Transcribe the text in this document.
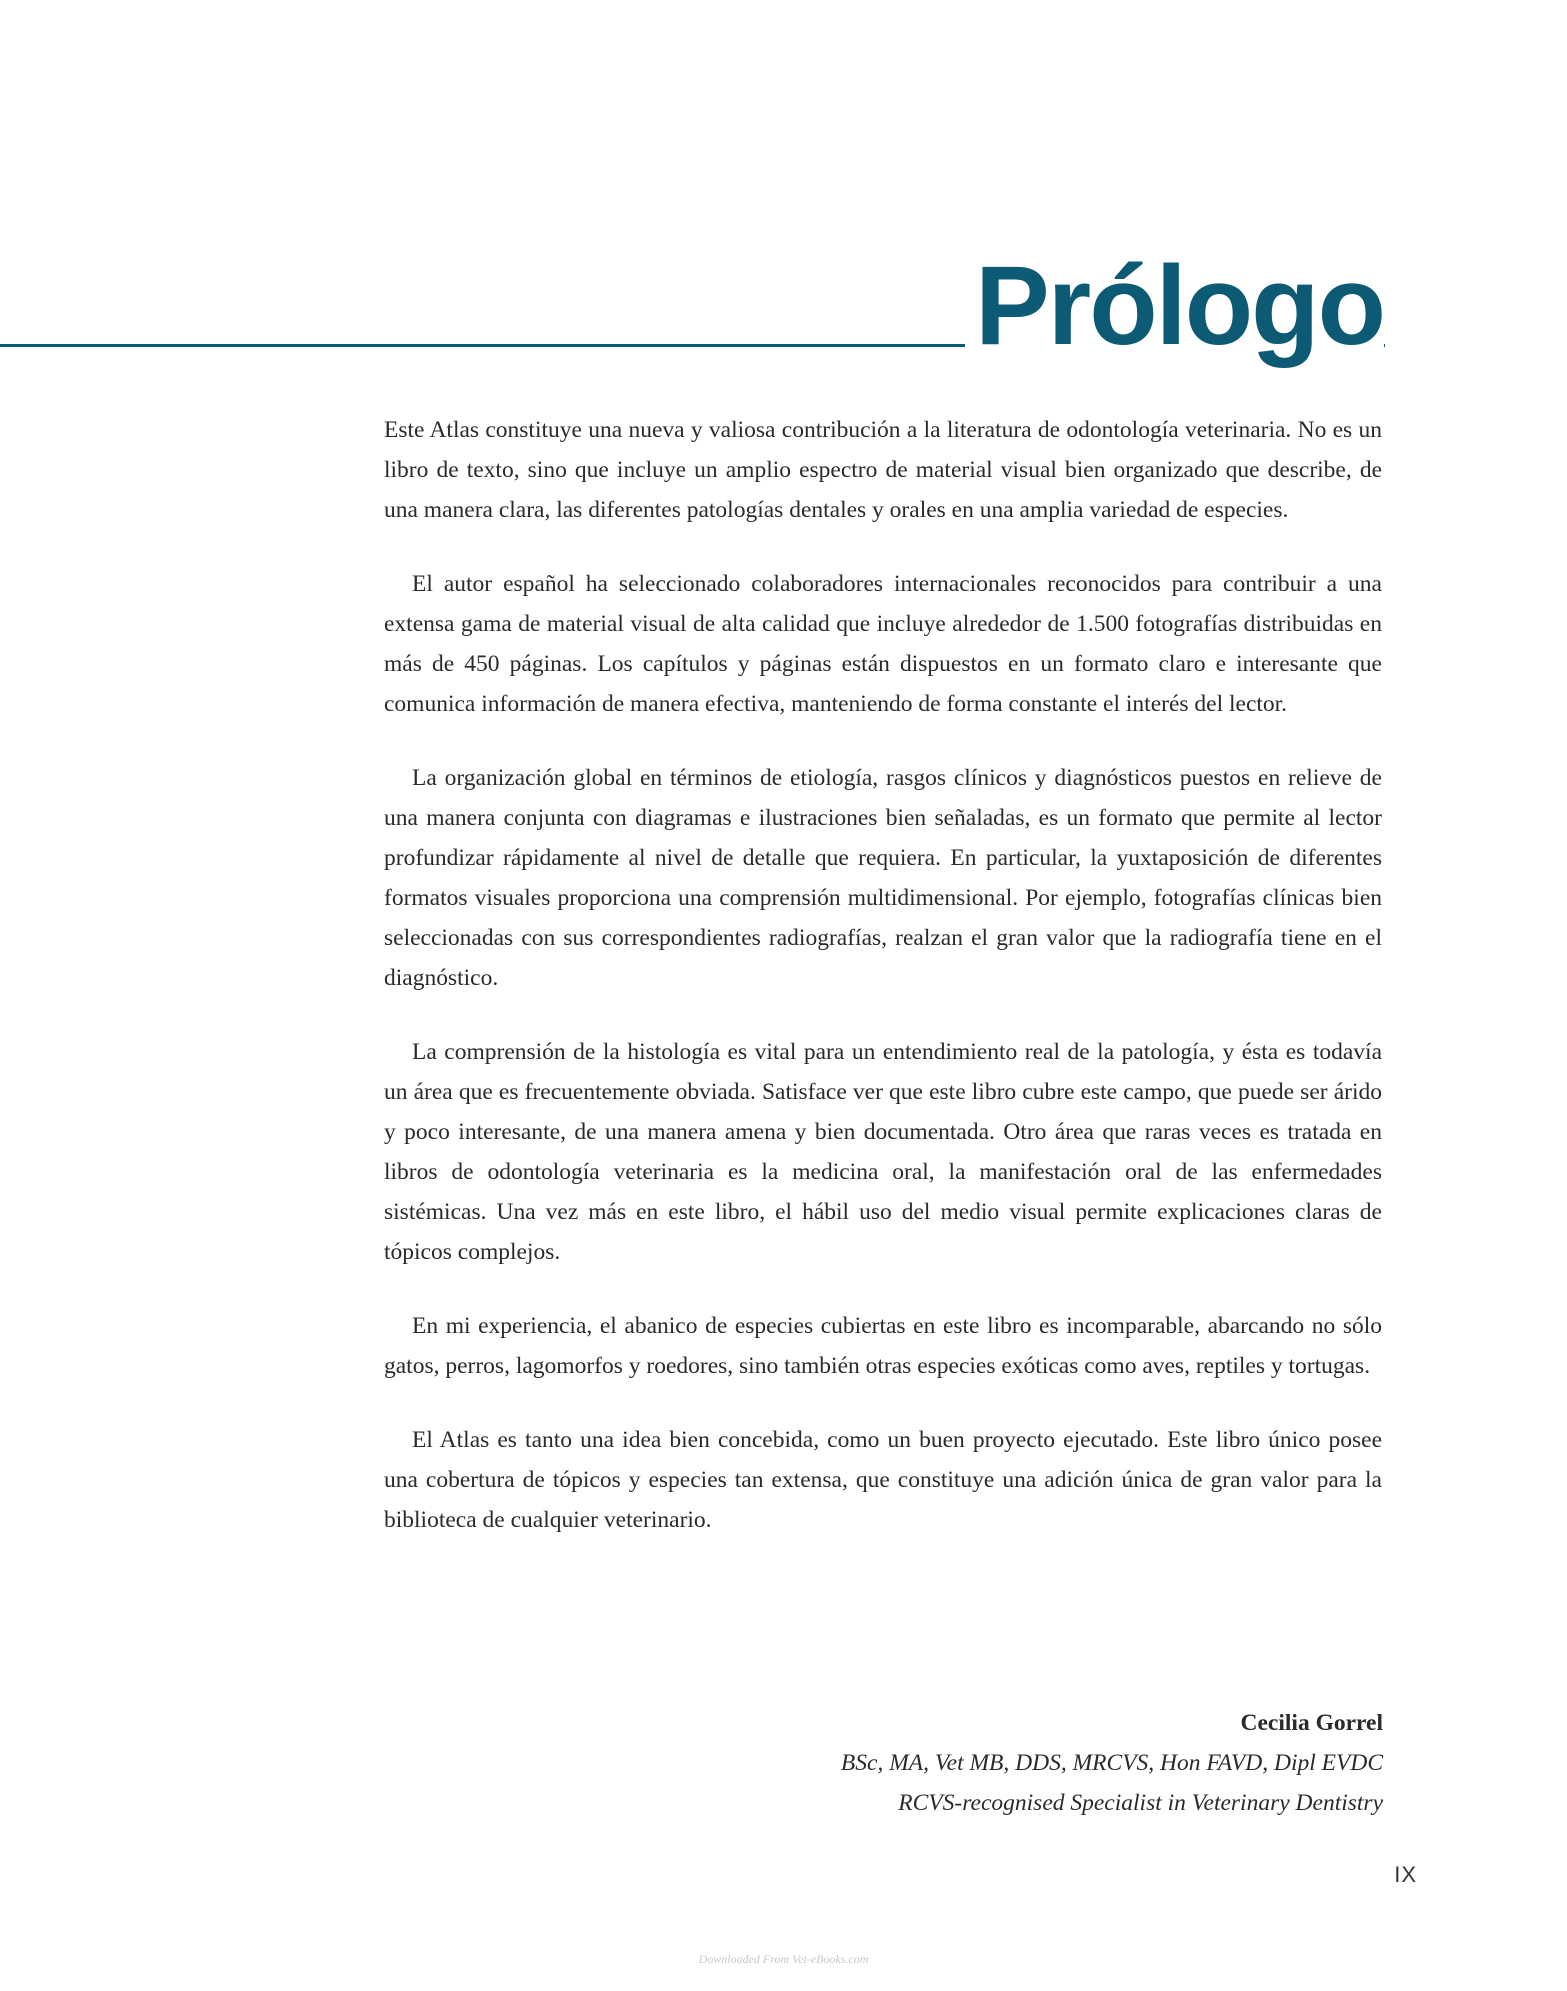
Prólogo

Este Atlas constituye una nueva y valiosa contribución a la literatura de odontología veterinaria. No es un libro de texto, sino que incluye un amplio espectro de material visual bien organizado que describe, de una manera clara, las diferentes patologías dentales y orales en una amplia variedad de especies.

El autor español ha seleccionado colaboradores internacionales reconocidos para contribuir a una extensa gama de material visual de alta calidad que incluye alrededor de 1.500 fotografías distribuidas en más de 450 páginas. Los capítulos y páginas están dispuestos en un formato claro e interesante que comunica información de manera efectiva, manteniendo de forma constante el interés del lector.

La organización global en términos de etiología, rasgos clínicos y diagnósticos puestos en relieve de una manera conjunta con diagramas e ilustraciones bien señaladas, es un formato que permite al lector profundizar rápidamente al nivel de detalle que requiera. En particular, la yuxtaposición de diferentes formatos visuales proporciona una comprensión multidimensional. Por ejemplo, fotografías clínicas bien seleccionadas con sus correspondientes radiografías, realzan el gran valor que la radiografía tiene en el diagnóstico.

La comprensión de la histología es vital para un entendimiento real de la patología, y ésta es todavía un área que es frecuentemente obviada. Satisface ver que este libro cubre este campo, que puede ser árido y poco interesante, de una manera amena y bien documentada. Otro área que raras veces es tratada en libros de odontología veterinaria es la medicina oral, la manifestación oral de las enfermedades sistémicas. Una vez más en este libro, el hábil uso del medio visual permite explicaciones claras de tópicos complejos.

En mi experiencia, el abanico de especies cubiertas en este libro es incomparable, abarcando no sólo gatos, perros, lagomorfos y roedores, sino también otras especies exóticas como aves, reptiles y tortugas.

El Atlas es tanto una idea bien concebida, como un buen proyecto ejecutado. Este libro único posee una cobertura de tópicos y especies tan extensa, que constituye una adición única de gran valor para la biblioteca de cualquier veterinario.

Cecilia Gorrel
BSc, MA, Vet MB, DDS, MRCVS, Hon FAVD, Dipl EVDC
RCVS-recognised Specialist in Veterinary Dentistry
IX
Downloaded From Vet-eBooks.com
